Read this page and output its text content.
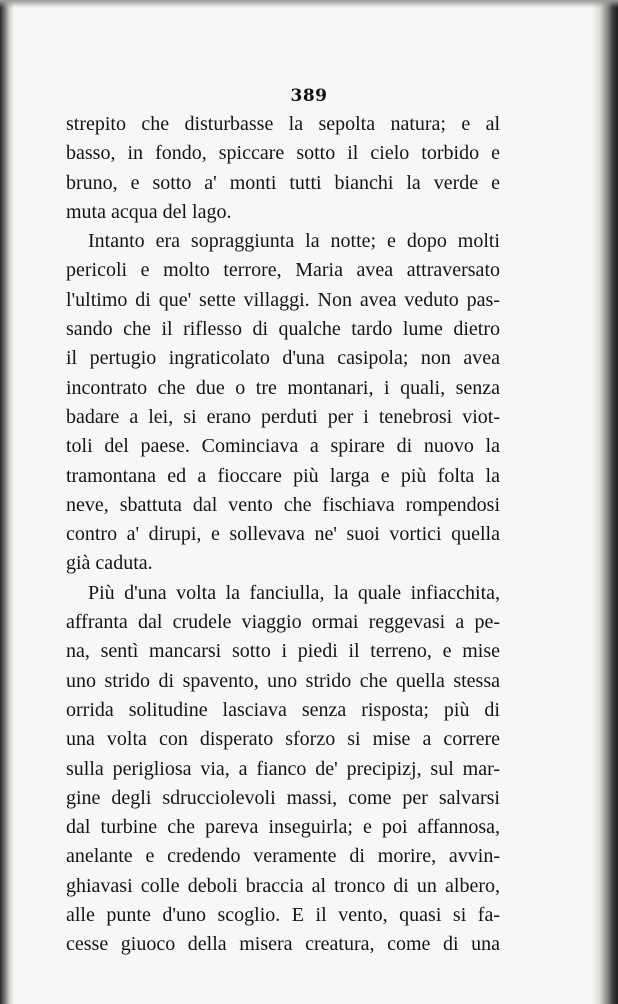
389
strepito che disturbasse la sepolta natura; e al
basso, in fondo, spiccare sotto il cielo torbido e
bruno, e sotto a' monti tutti bianchi la verde e
muta acqua del lago.
Intanto era sopraggiunta la notte; e dopo molti
pericoli e molto terrore, Maria avea attraversato
l'ultimo di que' sette villaggi. Non avea veduto pas-
sando che il riflesso di qualche tardo lume dietro
il pertugio ingraticolato d'una casipola; non avea
incontrato che due o tre montanari, i quali, senza
badare a lei, si erano perduti per i tenebrosi viot-
toli del paese. Cominciava a spirare di nuovo la
tramontana ed a fioccare più larga e più folta la
neve, sbattuta dal vento che fischiava rompendosi
contro a' dirupi, e sollevava ne' suoi vortici quella
già caduta.
Più d'una volta la fanciulla, la quale infiacchita,
affranta dal crudele viaggio ormai reggevasi a pe-
na, sentì mancarsi sotto i piedi il terreno, e mise
uno strido di spavento, uno strido che quella stessa
orrida solitudine lasciava senza risposta; più di
una volta con disperato sforzo si mise a correre
sulla perigliosa via, a fianco de' precipizj, sul mar-
gine degli sdrucciolevoli massi, come per salvarsi
dal turbine che pareva inseguirla; e poi affannosa,
anelante e credendo veramente di morire, avvin-
ghiavasi colle deboli braccia al tronco di un albero,
alle punte d'uno scoglio. E il vento, quasi si fa-
cesse giuoco della misera creatura, come di una
